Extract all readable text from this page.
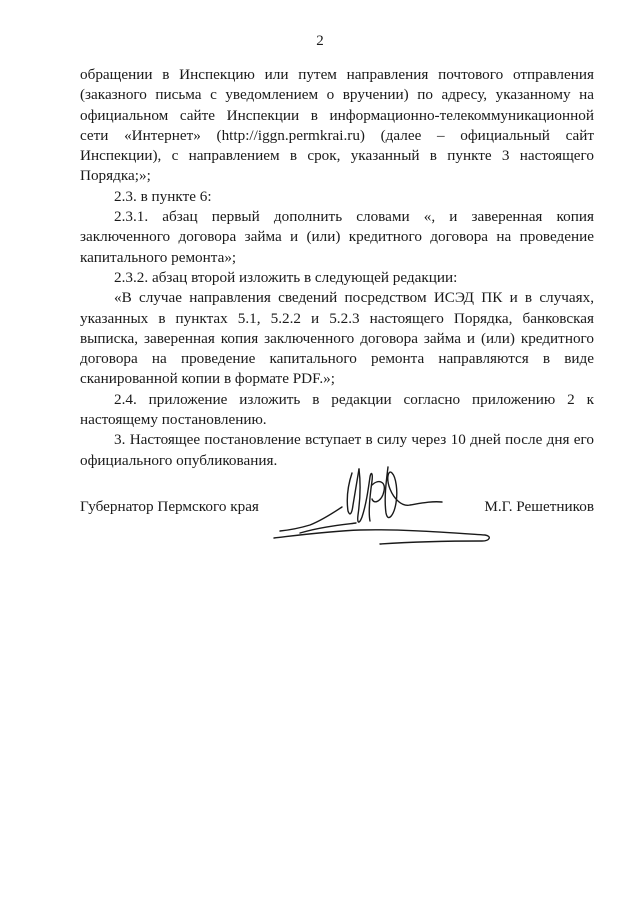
2

обращении в Инспекцию или путем направления почтового отправления (заказного письма с уведомлением о вручении) по адресу, указанному на официальном сайте Инспекции в информационно-телекоммуникационной сети «Интернет» (http://iggn.permkrai.ru) (далее – официальный сайт Инспекции), с направлением в срок, указанный в пункте 3 настоящего Порядка;»;

2.3. в пункте 6:

2.3.1. абзац первый дополнить словами «, и заверенная копия заключенного договора займа и (или) кредитного договора на проведение капитального ремонта»;

2.3.2. абзац второй изложить в следующей редакции:

«В случае направления сведений посредством ИСЭД ПК и в случаях, указанных в пунктах 5.1, 5.2.2 и 5.2.3 настоящего Порядка, банковская выписка, заверенная копия заключенного договора займа и (или) кредитного договора на проведение капитального ремонта направляются в виде сканированной копии в формате PDF.»;

2.4. приложение изложить в редакции согласно приложению 2 к настоящему постановлению.

3. Настоящее постановление вступает в силу через 10 дней после дня его официального опубликования.

Губернатор Пермского края	М.Г. Решетников
